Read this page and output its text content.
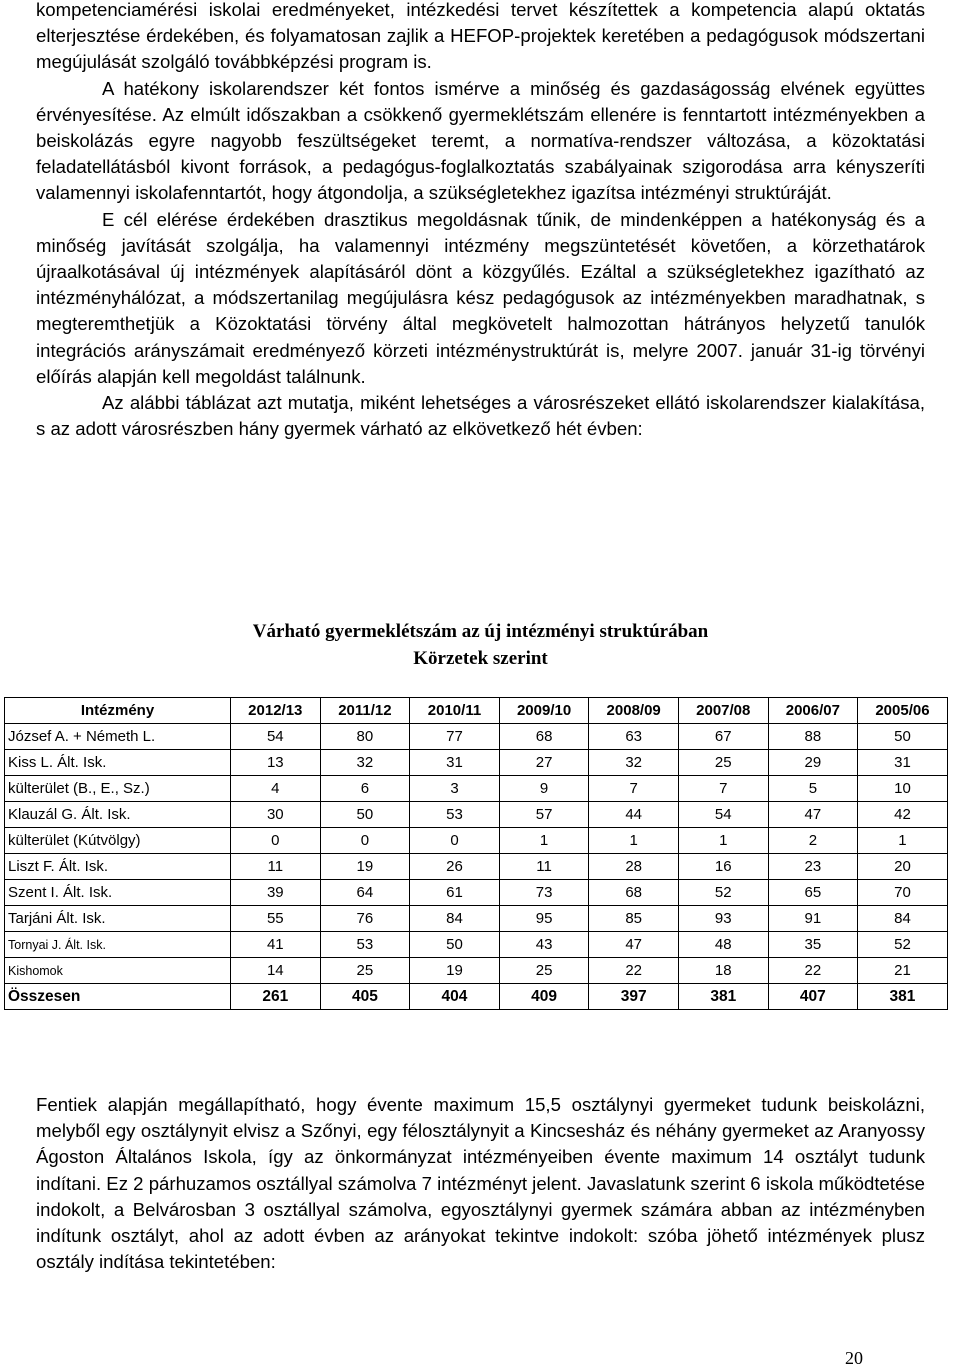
kompetenciamérési iskolai eredményeket, intézkedési tervet készítettek a kompetencia alapú oktatás elterjesztése érdekében, és folyamatosan zajlik a HEFOP-projektek keretében a pedagógusok módszertani megújulását szolgáló továbbképzési program is.

A hatékony iskolarendszer két fontos ismérve a minőség és gazdaságosság elvének együttes érvényesítése. Az elmúlt időszakban a csökkenő gyermeklétszám ellenére is fenntartott intézményekben a beiskolázás egyre nagyobb feszültségeket teremt, a normatíva-rendszer változása, a közoktatási feladatellátásból kivont források, a pedagógus-foglalkoztatás szabályainak szigorodása arra kényszeríti valamennyi iskolafenntartót, hogy átgondolja, a szükségletekhez igazítsa intézményi struktúráját.

E cél elérése érdekében drasztikus megoldásnak tűnik, de mindenképpen a hatékonyság és a minőség javítását szolgálja, ha valamennyi intézmény megszüntetését követően, a körzethatárok újraalkotásával új intézmények alapításáról dönt a közgyűlés. Ezáltal a szükségletekhez igazítható az intézményhálózat, a módszertanilag megújulásra kész pedagógusok az intézményekben maradhatnak, s megteremthetjük a Közoktatási törvény által megkövetelt halmozottan hátrányos helyzetű tanulók integrációs arányszámait eredményező körzeti intézménystruktúrát is, melyre 2007. január 31-ig törvényi előírás alapján kell megoldást találnunk.

Az alábbi táblázat azt mutatja, miként lehetséges a városrészeket ellátó iskolarendszer kialakítása, s az adott városrészben hány gyermek várható az elkövetkező hét évben:

Várható gyermeklétszám az új intézményi struktúrában
Körzetek szerint
Intézmény	2012/13	2011/12	2010/11	2009/10	2008/09	2007/08	2006/07	2005/06
József A. + Németh L.	54	80	77	68	63	67	88	50
Kiss L. Ált. Isk.	13	32	31	27	32	25	29	31
külterület (B., E., Sz.)	4	6	3	9	7	7	5	10
Klauzál G. Ált. Isk.	30	50	53	57	44	54	47	42
külterület (Kútvölgy)	0	0	0	1	1	1	2	1
Liszt F. Ált. Isk.	11	19	26	11	28	16	23	20
Szent I. Ált. Isk.	39	64	61	73	68	52	65	70
Tarjáni Ált. Isk.	55	76	84	95	85	93	91	84
Tornyai J. Ált. Isk.	41	53	50	43	47	48	35	52
Kishomok	14	25	19	25	22	18	22	21
Összesen	261	405	404	409	397	381	407	381

Fentiek alapján megállapítható, hogy évente maximum 15,5 osztálynyi gyermeket tudunk beiskolázni, melyből egy osztálynyit elvisz a Szőnyi, egy félosztálynyit a Kincsesház és néhány gyermeket az Aranyossy Ágoston Általános Iskola, így az önkormányzat intézményeiben évente maximum 14 osztályt tudunk indítani. Ez 2 párhuzamos osztállyal számolva 7 intézményt jelent. Javaslatunk szerint 6 iskola működtetése indokolt, a Belvárosban 3 osztállyal számolva, egyosztálynyi gyermek számára abban az intézményben indítunk osztályt, ahol az adott évben az arányokat tekintve indokolt: szóba jöhető intézmények plusz osztály indítása tekintetében:

20
